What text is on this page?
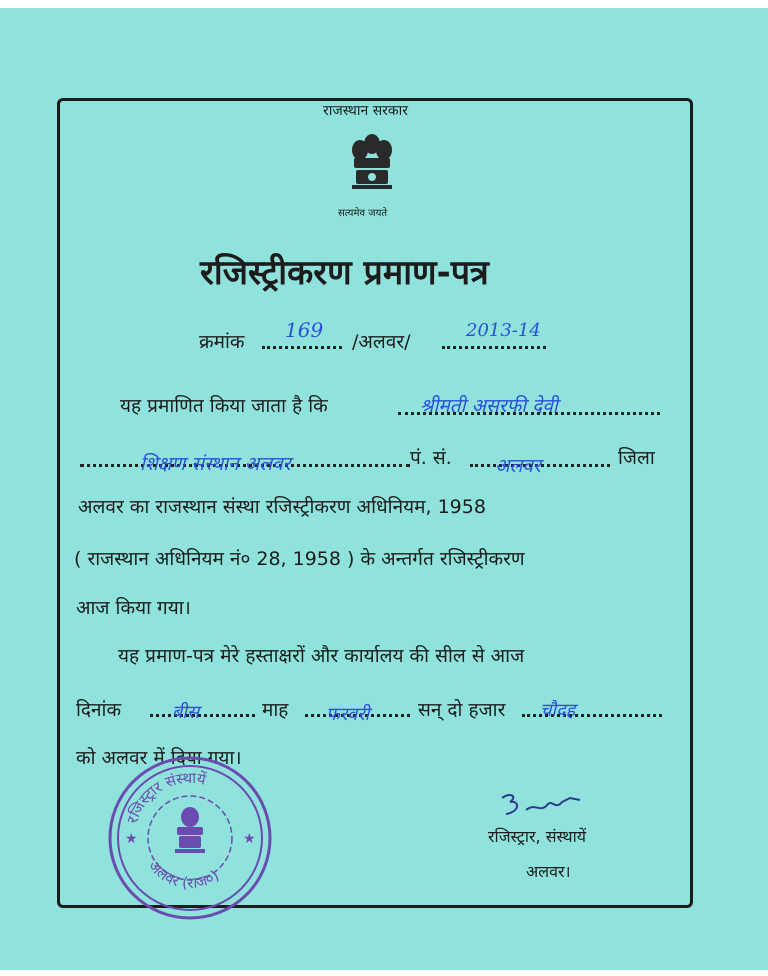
राजस्थान सरकार
सत्यमेव जयते
रजिस्ट्रीकरण प्रमाण-पत्र
क्रमांक 169 /अलवर/
2013-14
यह प्रमाणित किया जाता है कि	श्रीमती असरफी देवी
शिक्षण संस्थान अलवर	पं. सं. अलवर	जिला
अलवर का राजस्थान संस्था रजिस्ट्रीकरण अधिनियम, 1958
( राजस्थान अधिनियम नं० 28, 1958 ) के अन्तर्गत रजिस्ट्रीकरण
आज किया गया।
यह प्रमाण-पत्र मेरे हस्ताक्षरों और कार्यालय की सील से आज
दिनांक	बीस	माह फरवरी	सन् दो हजार चौदह
को अलवर में दिया गया।
रजिस्ट्रार, संस्थायें
अलवर।
★	★
रजिस्ट्रार संस्थायें
अलवर (राज०)
